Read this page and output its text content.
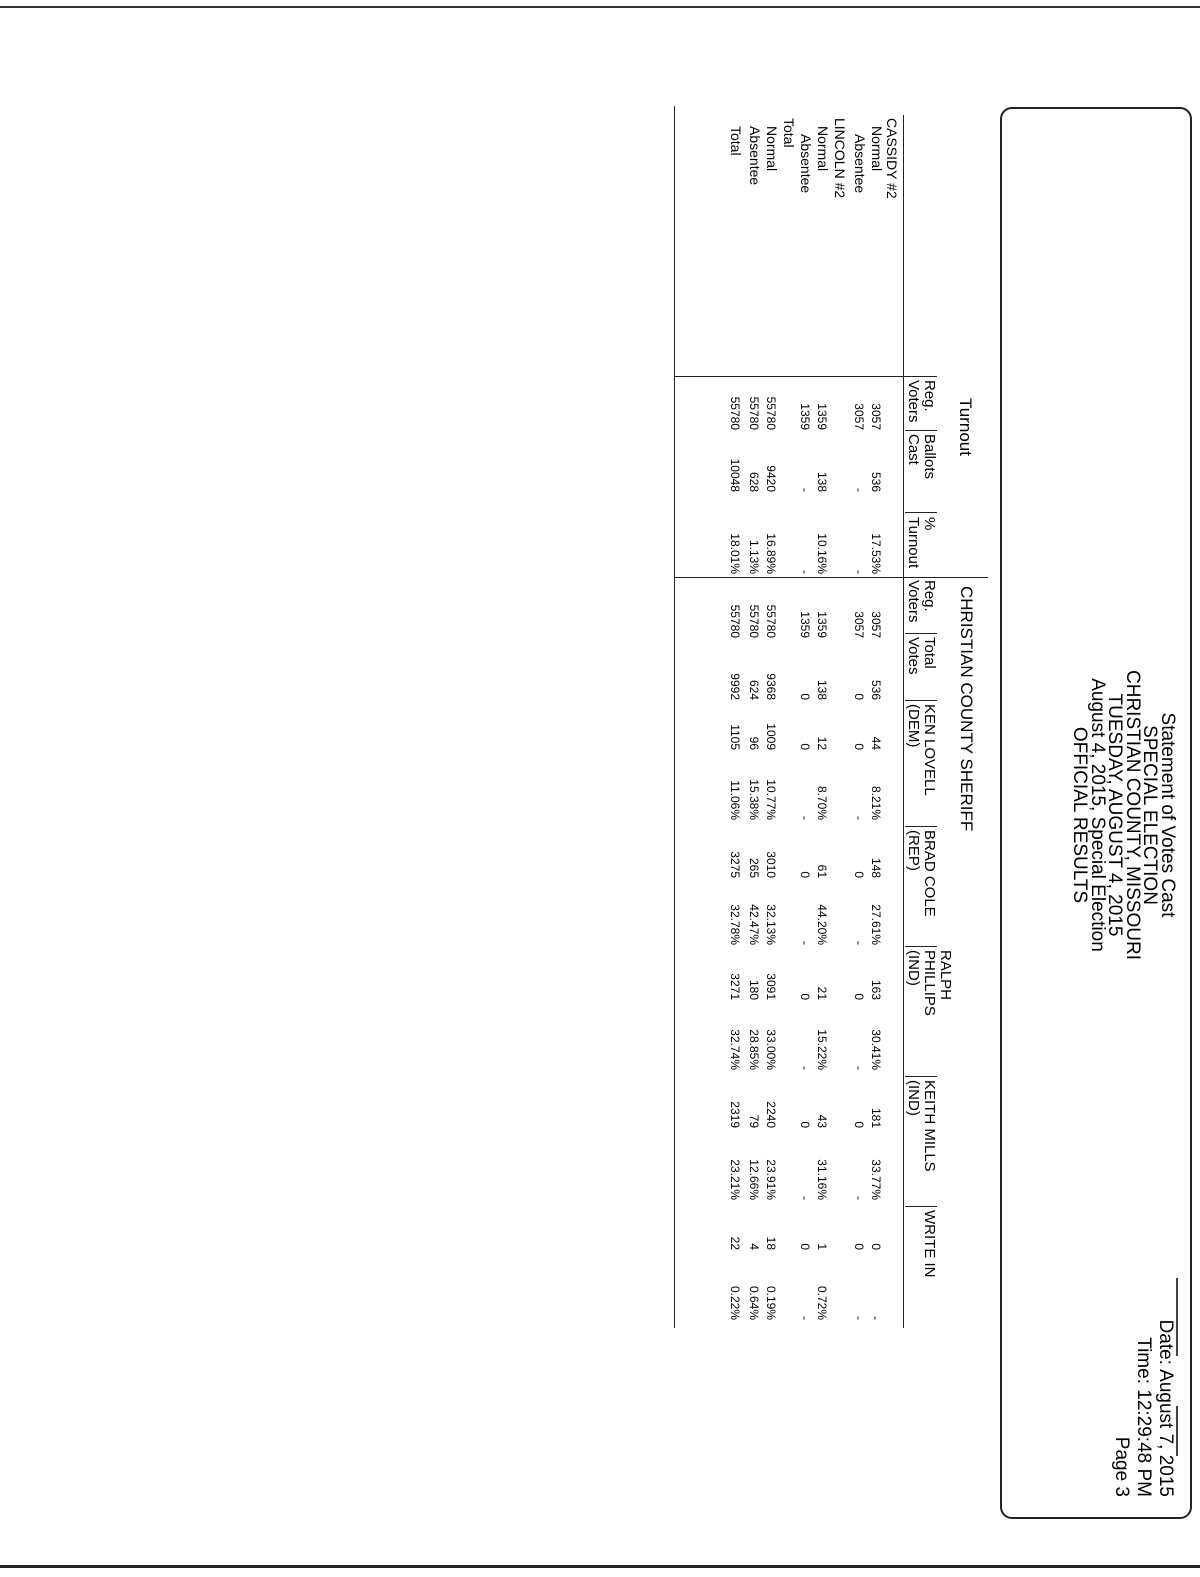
Statement of Votes Cast
SPECIAL ELECTION
CHRISTIAN COUNTY, MISSOURI
TUESDAY, AUGUST 4, 2015
August 4, 2015, Special Election
OFFICIAL RESULTS
Date: August 7, 2015
Time: 12:29:48 PM
Page 3
Turnout
CHRISTIAN COUNTY SHERIFF
Reg.
Voters
Ballots
Cast
%
Turnout
Reg.
Voters
Total
Votes
KEN LOVELL
(DEM)
BRAD COLE
(REP)
RALPH
PHILLIPS
(IND)
KEITH MILLS
(IND)
WRITE IN
CASSIDY #2
Normal
3057
536
17.53%
3057
536
44
8.21%
148
27.61%
163
30.41%
181
33.77%
0
-
Absentee
3057
-
-
3057
0
0
-
0
-
0
-
0
-
0
-
LINCOLN #2
Normal
1359
138
10.16%
1359
138
12
8.70%
61
44.20%
21
15.22%
43
31.16%
1
0.72%
Absentee
1359
-
-
1359
0
0
-
0
-
0
-
0
-
0
-
Total
Normal
55780
9420
16.89%
55780
9368
1009
10.77%
3010
32.13%
3091
33.00%
2240
23.91%
18
0.19%
Absentee
55780
628
1.13%
55780
624
96
15.38%
265
42.47%
180
28.85%
79
12.66%
4
0.64%
Total
55780
10048
18.01%
55780
9992
1105
11.06%
3275
32.78%
3271
32.74%
2319
23.21%
22
0.22%
